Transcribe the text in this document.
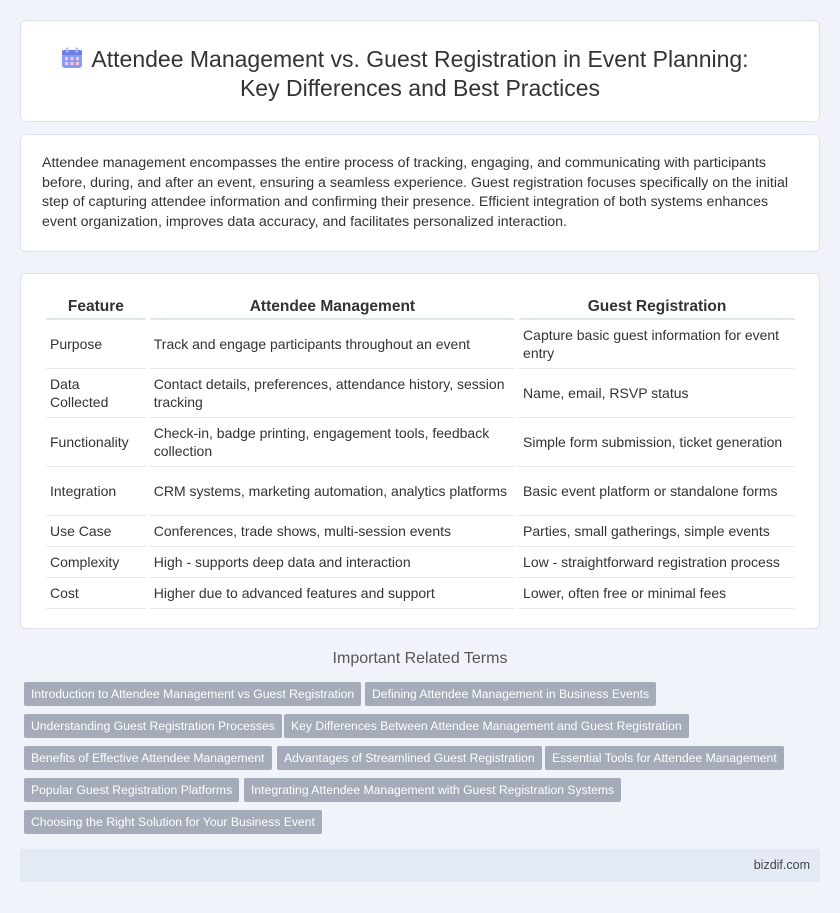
Attendee Management vs. Guest Registration in Event Planning:
Key Differences and Best Practices

Attendee management encompasses the entire process of tracking, engaging, and communicating with participants before, during, and after an event, ensuring a seamless experience. Guest registration focuses specifically on the initial step of capturing attendee information and confirming their presence. Efficient integration of both systems enhances event organization, improves data accuracy, and facilitates personalized interaction.

Feature	Attendee Management	Guest Registration
Purpose	Track and engage participants throughout an event	Capture basic guest information for event entry
Data Collected	Contact details, preferences, attendance history, session tracking	Name, email, RSVP status
Functionality	Check-in, badge printing, engagement tools, feedback collection	Simple form submission, ticket generation
Integration	CRM systems, marketing automation, analytics platforms	Basic event platform or standalone forms
Use Case	Conferences, trade shows, multi-session events	Parties, small gatherings, simple events
Complexity	High - supports deep data and interaction	Low - straightforward registration process
Cost	Higher due to advanced features and support	Lower, often free or minimal fees
Important Related Terms
Introduction to Attendee Management vs Guest Registration	Defining Attendee Management in Business Events
Understanding Guest Registration Processes	Key Differences Between Attendee Management and Guest Registration
Benefits of Effective Attendee Management	Advantages of Streamlined Guest Registration	Essential Tools for Attendee Management
Popular Guest Registration Platforms	Integrating Attendee Management with Guest Registration Systems
Choosing the Right Solution for Your Business Event
bizdif.com
